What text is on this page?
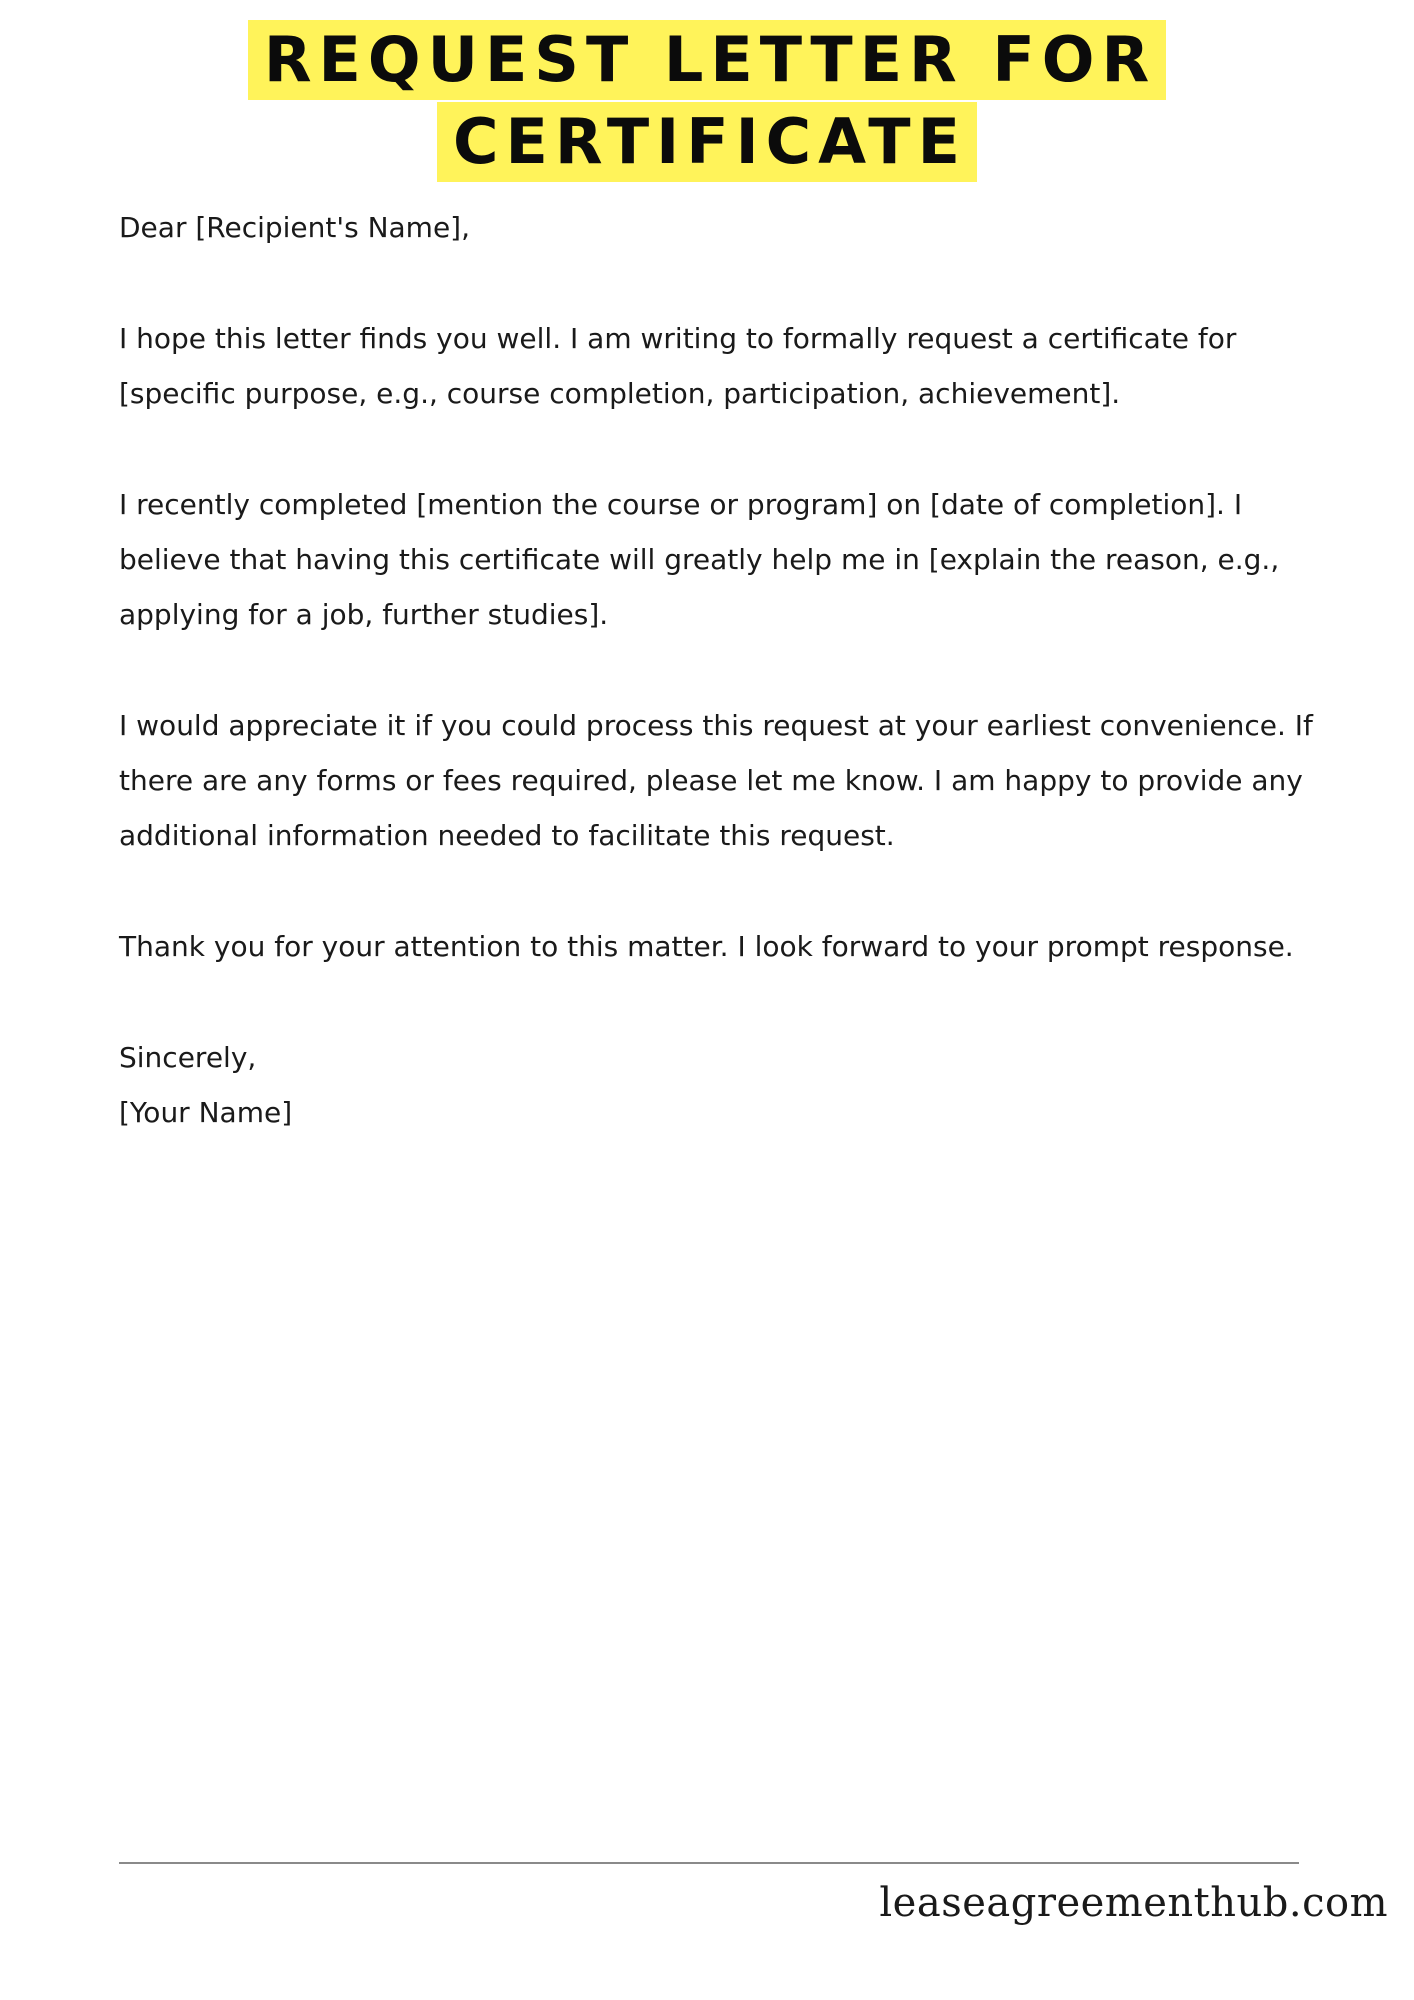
REQUEST LETTER FOR
CERTIFICATE

Dear [Recipient's Name],

I hope this letter finds you well. I am writing to formally request a certificate for [specific purpose, e.g., course completion, participation, achievement].

I recently completed [mention the course or program] on [date of completion]. I believe that having this certificate will greatly help me in [explain the reason, e.g., applying for a job, further studies].

I would appreciate it if you could process this request at your earliest convenience. If there are any forms or fees required, please let me know. I am happy to provide any additional information needed to facilitate this request.

Thank you for your attention to this matter. I look forward to your prompt response.

Sincerely,

[Your Name]

leaseagreementhub.com
